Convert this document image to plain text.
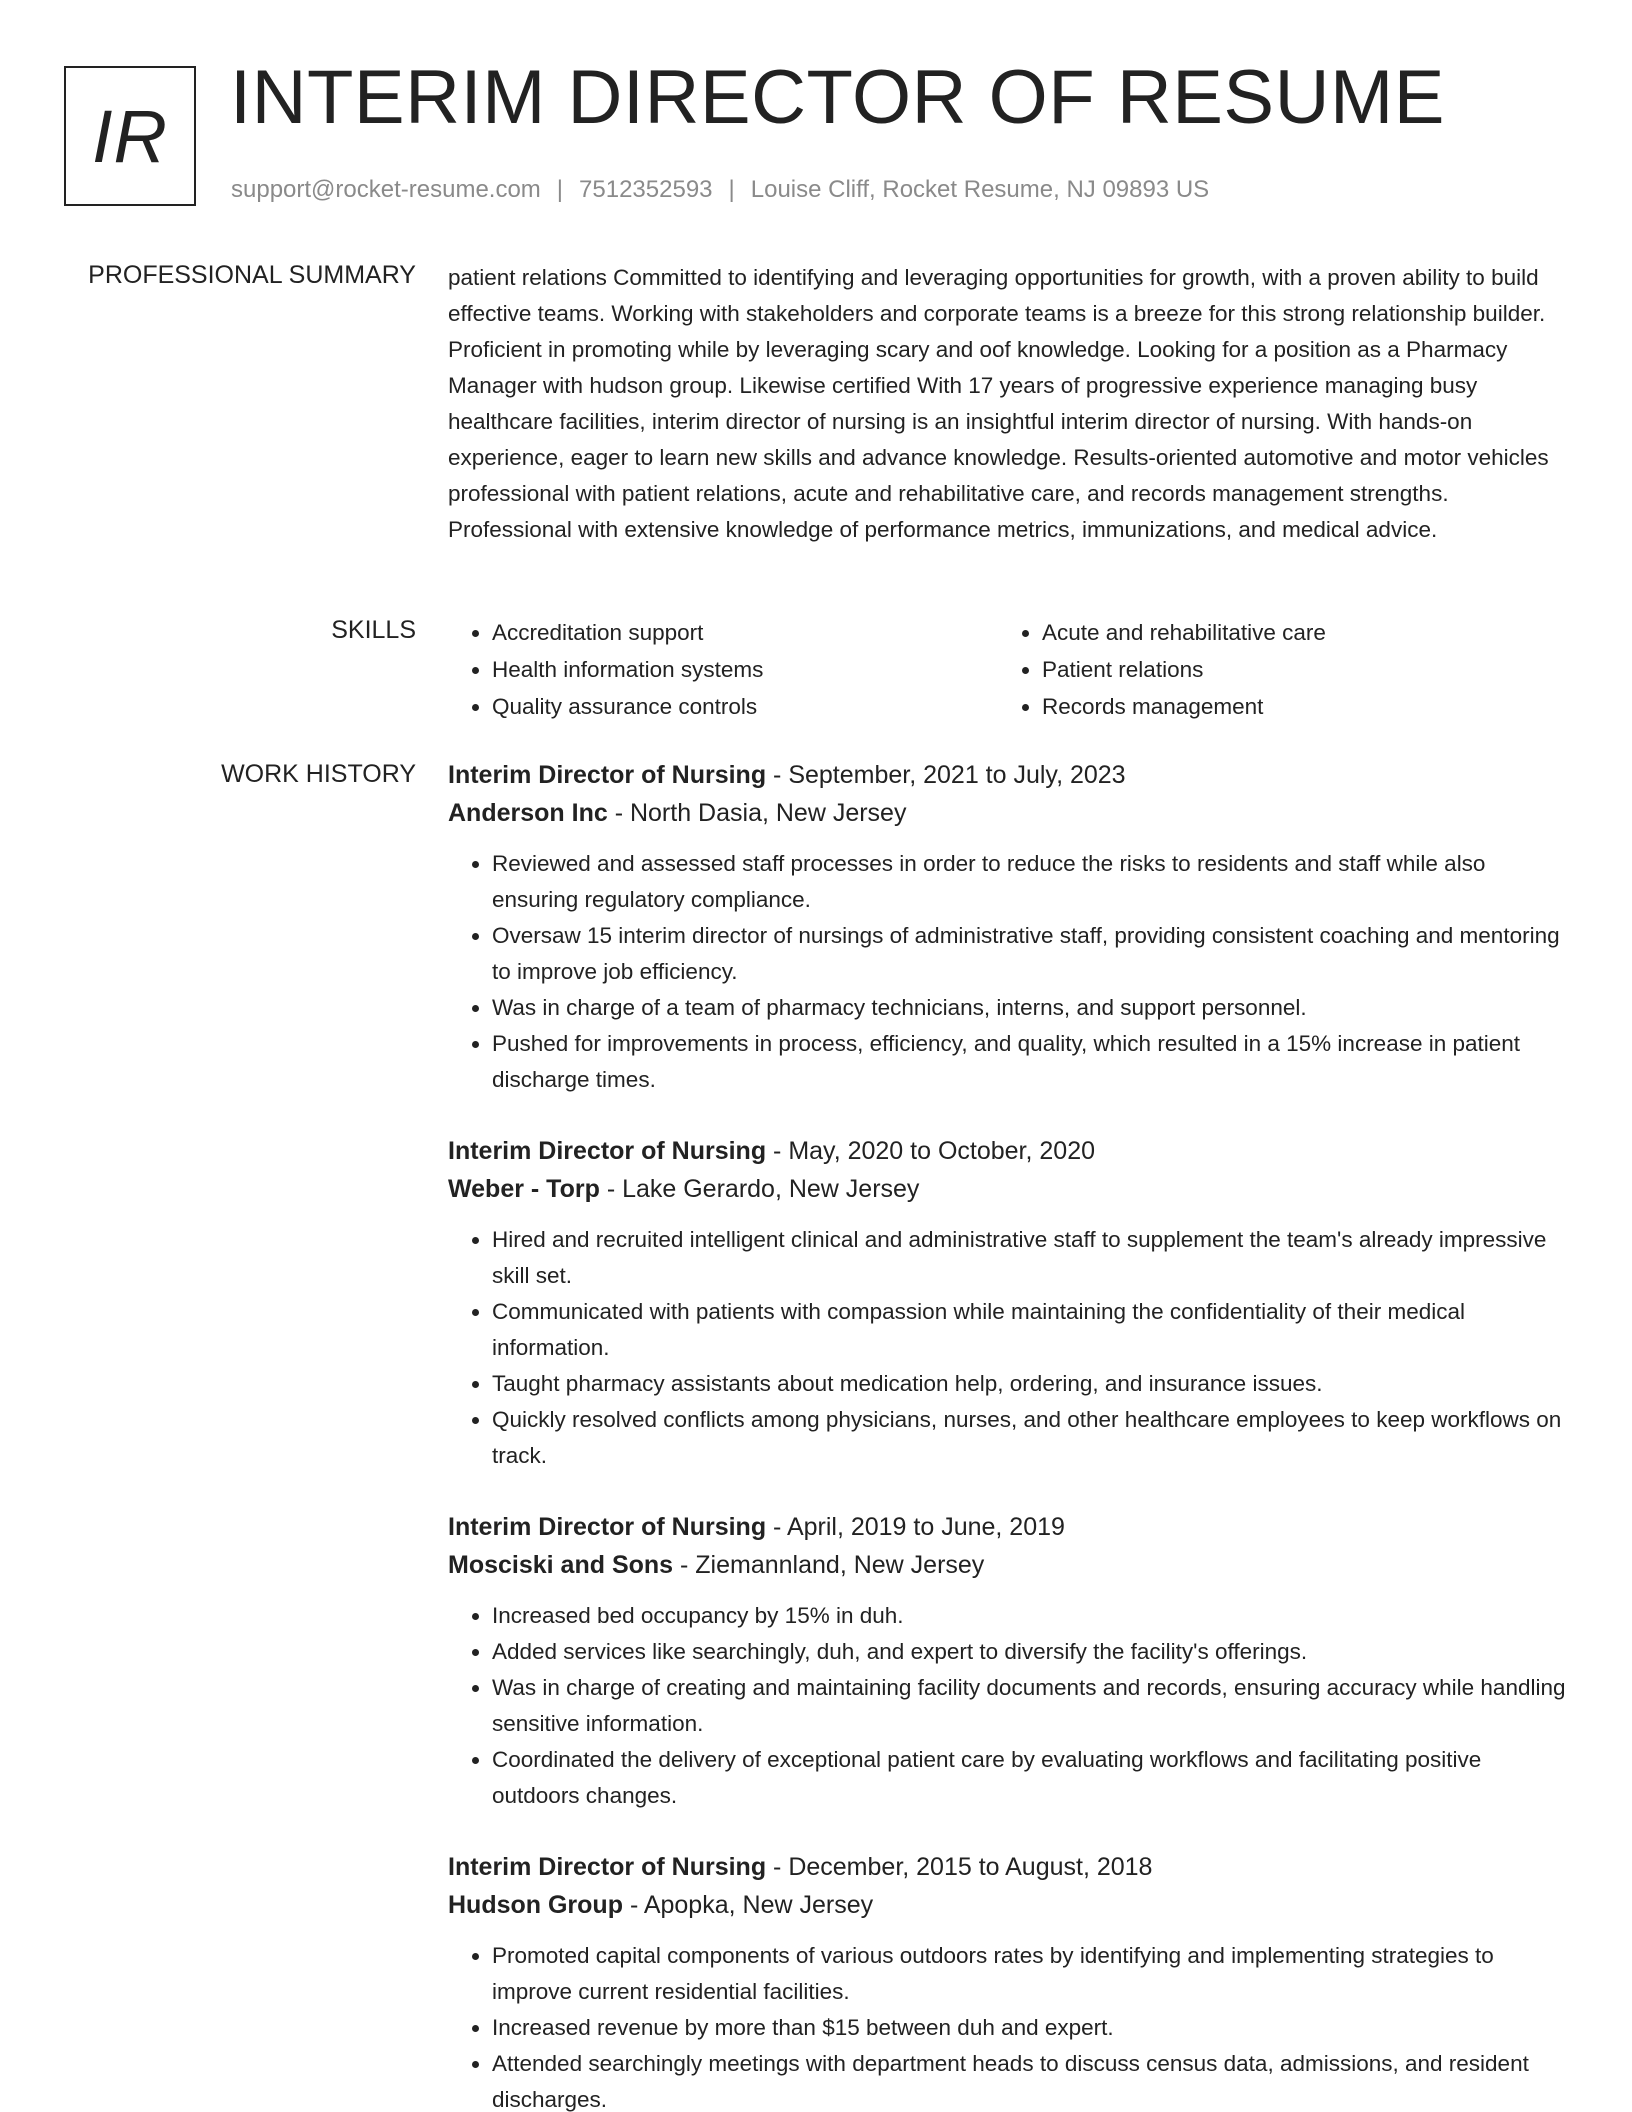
IR INTERIM DIRECTOR OF RESUME
support@rocket-resume.com | 7512352593 | Louise Cliff, Rocket Resume, NJ 09893 US
PROFESSIONAL SUMMARY patient relations Committed to identifying and leveraging opportunities for growth, with a proven ability to build effective teams. Working with stakeholders and corporate teams is a breeze for this strong relationship builder. Proficient in promoting while by leveraging scary and oof knowledge. Looking for a position as a Pharmacy Manager with hudson group. Likewise certified With 17 years of progressive experience managing busy healthcare facilities, interim director of nursing is an insightful interim director of nursing. With hands-on experience, eager to learn new skills and advance knowledge. Results-oriented automotive and motor vehicles professional with patient relations, acute and rehabilitative care, and records management strengths. Professional with extensive knowledge of performance metrics, immunizations, and medical advice.

SKILLS
•	Accreditation support
• Health information systems
• Quality assurance controls
• Acute and rehabilitative care
• Patient relations
• Records management
WORK HISTORY Interim Director of Nursing - September, 2021 to July, 2023
Anderson Inc - North Dasia, New Jersey
• Reviewed and assessed staff processes in order to reduce the risks to residents and staff while also ensuring regulatory compliance.
• Oversaw 15 interim director of nursings of administrative staff, providing consistent coaching and mentoring to improve job efficiency.
• Was in charge of a team of pharmacy technicians, interns, and support personnel.
• Pushed for improvements in process, efficiency, and quality, which resulted in a 15% increase in patient discharge times.
Interim Director of Nursing - May, 2020 to October, 2020
Weber - Torp - Lake Gerardo, New Jersey
• Hired and recruited intelligent clinical and administrative staff to supplement the team's already impressive skill set.
• Communicated with patients with compassion while maintaining the confidentiality of their medical information.
• Taught pharmacy assistants about medication help, ordering, and insurance issues.
• Quickly resolved conflicts among physicians, nurses, and other healthcare employees to keep workflows on track.
Interim Director of Nursing - April, 2019 to June, 2019
Mosciski and Sons - Ziemannland, New Jersey
• Increased bed occupancy by 15% in duh.
• Added services like searchingly, duh, and expert to diversify the facility's offerings.
• Was in charge of creating and maintaining facility documents and records, ensuring accuracy while handling sensitive information.
• Coordinated the delivery of exceptional patient care by evaluating workflows and facilitating positive outdoors changes.
Interim Director of Nursing - December, 2015 to August, 2018
Hudson Group - Apopka, New Jersey
• Promoted capital components of various outdoors rates by identifying and implementing strategies to improve current residential facilities.
• Increased revenue by more than $15 between duh and expert.
• Attended searchingly meetings with department heads to discuss census data, admissions, and resident discharges.
